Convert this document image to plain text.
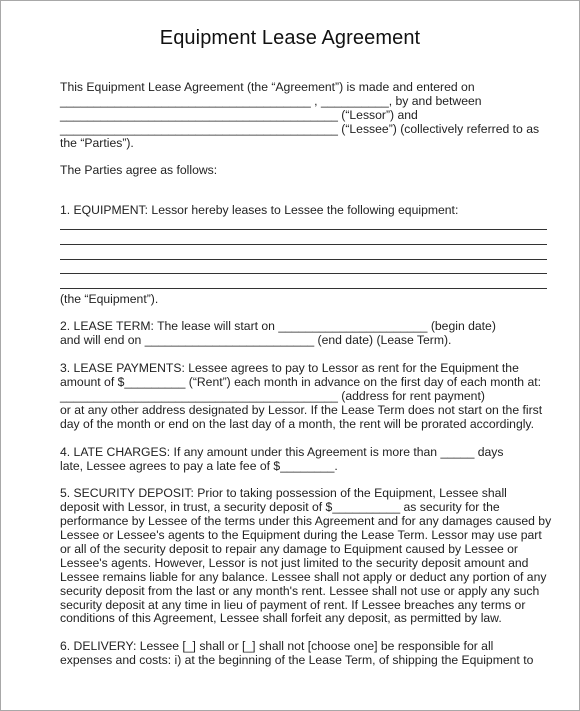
Equipment Lease Agreement
This Equipment Lease Agreement (the “Agreement”) is made and entered on
_____________________________________ , __________, by and between
_________________________________________ (“Lessor”) and
_________________________________________ (“Lessee”) (collectively referred to as
the “Parties”).
The Parties agree as follows:
1. EQUIPMENT: Lessor hereby leases to Lessee the following equipment:
(the “Equipment”).
2. LEASE TERM: The lease will start on ______________________ (begin date)
and will end on _________________________ (end date) (Lease Term).
3. LEASE PAYMENTS: Lessee agrees to pay to Lessor as rent for the Equipment the
amount of $_________ (“Rent”) each month in advance on the first day of each month at:
_________________________________________ (address for rent payment)
or at any other address designated by Lessor. If the Lease Term does not start on the first
day of the month or end on the last day of a month, the rent will be prorated accordingly.
4. LATE CHARGES: If any amount under this Agreement is more than _____ days
late, Lessee agrees to pay a late fee of $________.
5. SECURITY DEPOSIT: Prior to taking possession of the Equipment, Lessee shall
deposit with Lessor, in trust, a security deposit of $__________ as security for the
performance by Lessee of the terms under this Agreement and for any damages caused by
Lessee or Lessee's agents to the Equipment during the Lease Term. Lessor may use part
or all of the security deposit to repair any damage to Equipment caused by Lessee or
Lessee's agents. However, Lessor is not just limited to the security deposit amount and
Lessee remains liable for any balance. Lessee shall not apply or deduct any portion of any
security deposit from the last or any month's rent. Lessee shall not use or apply any such
security deposit at any time in lieu of payment of rent. If Lessee breaches any terms or
conditions of this Agreement, Lessee shall forfeit any deposit, as permitted by law.
6. DELIVERY: Lessee [_] shall or [_] shall not [choose one] be responsible for all
expenses and costs: i) at the beginning of the Lease Term, of shipping the Equipment to
